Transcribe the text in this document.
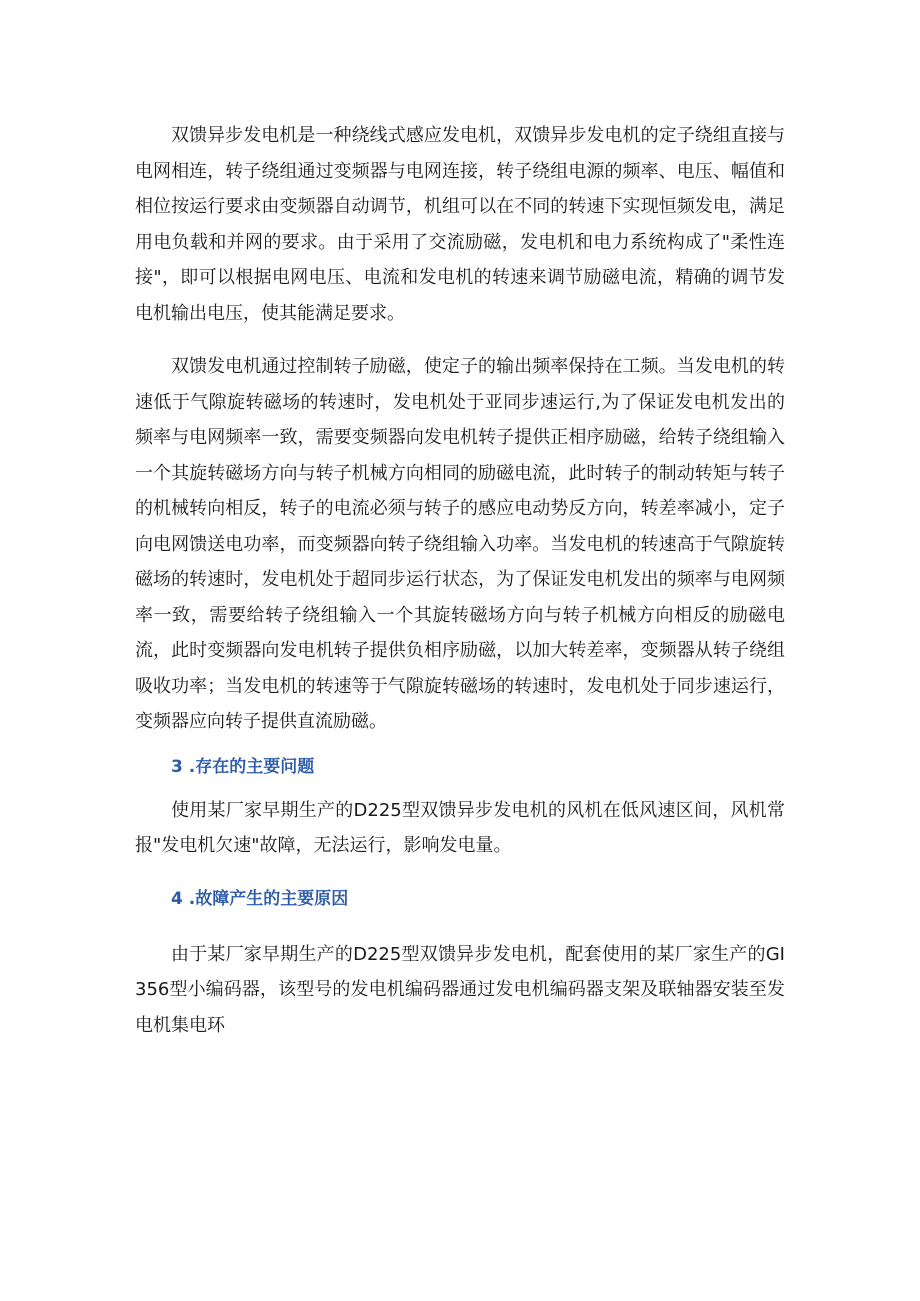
双馈异步发电机是一种绕线式感应发电机，双馈异步发电机的定子绕组直接与电网相连，转子绕组通过变频器与电网连接，转子绕组电源的频率、电压、幅值和相位按运行要求由变频器自动调节，机组可以在不同的转速下实现恒频发电，满足用电负载和并网的要求。由于采用了交流励磁，发电机和电力系统构成了"柔性连接"，即可以根据电网电压、电流和发电机的转速来调节励磁电流，精确的调节发电机输出电压，使其能满足要求。

双馈发电机通过控制转子励磁，使定子的输出频率保持在工频。当发电机的转速低于气隙旋转磁场的转速时，发电机处于亚同步速运行,为了保证发电机发出的频率与电网频率一致，需要变频器向发电机转子提供正相序励磁，给转子绕组输入一个其旋转磁场方向与转子机械方向相同的励磁电流，此时转子的制动转矩与转子的机械转向相反，转子的电流必须与转子的感应电动势反方向，转差率减小，定子向电网馈送电功率，而变频器向转子绕组输入功率。当发电机的转速高于气隙旋转磁场的转速时，发电机处于超同步运行状态，为了保证发电机发出的频率与电网频率一致，需要给转子绕组输入一个其旋转磁场方向与转子机械方向相反的励磁电流，此时变频器向发电机转子提供负相序励磁，以加大转差率，变频器从转子绕组吸收功率；当发电机的转速等于气隙旋转磁场的转速时，发电机处于同步速运行，变频器应向转子提供直流励磁。

3 .存在的主要问题

使用某厂家早期生产的D225型双馈异步发电机的风机在低风速区间，风机常报"发电机欠速"故障，无法运行，影响发电量。

4 .故障产生的主要原因

由于某厂家早期生产的D225型双馈异步发电机，配套使用的某厂家生产的GI356型小编码器，该型号的发电机编码器通过发电机编码器支架及联轴器安装至发电机集电环
